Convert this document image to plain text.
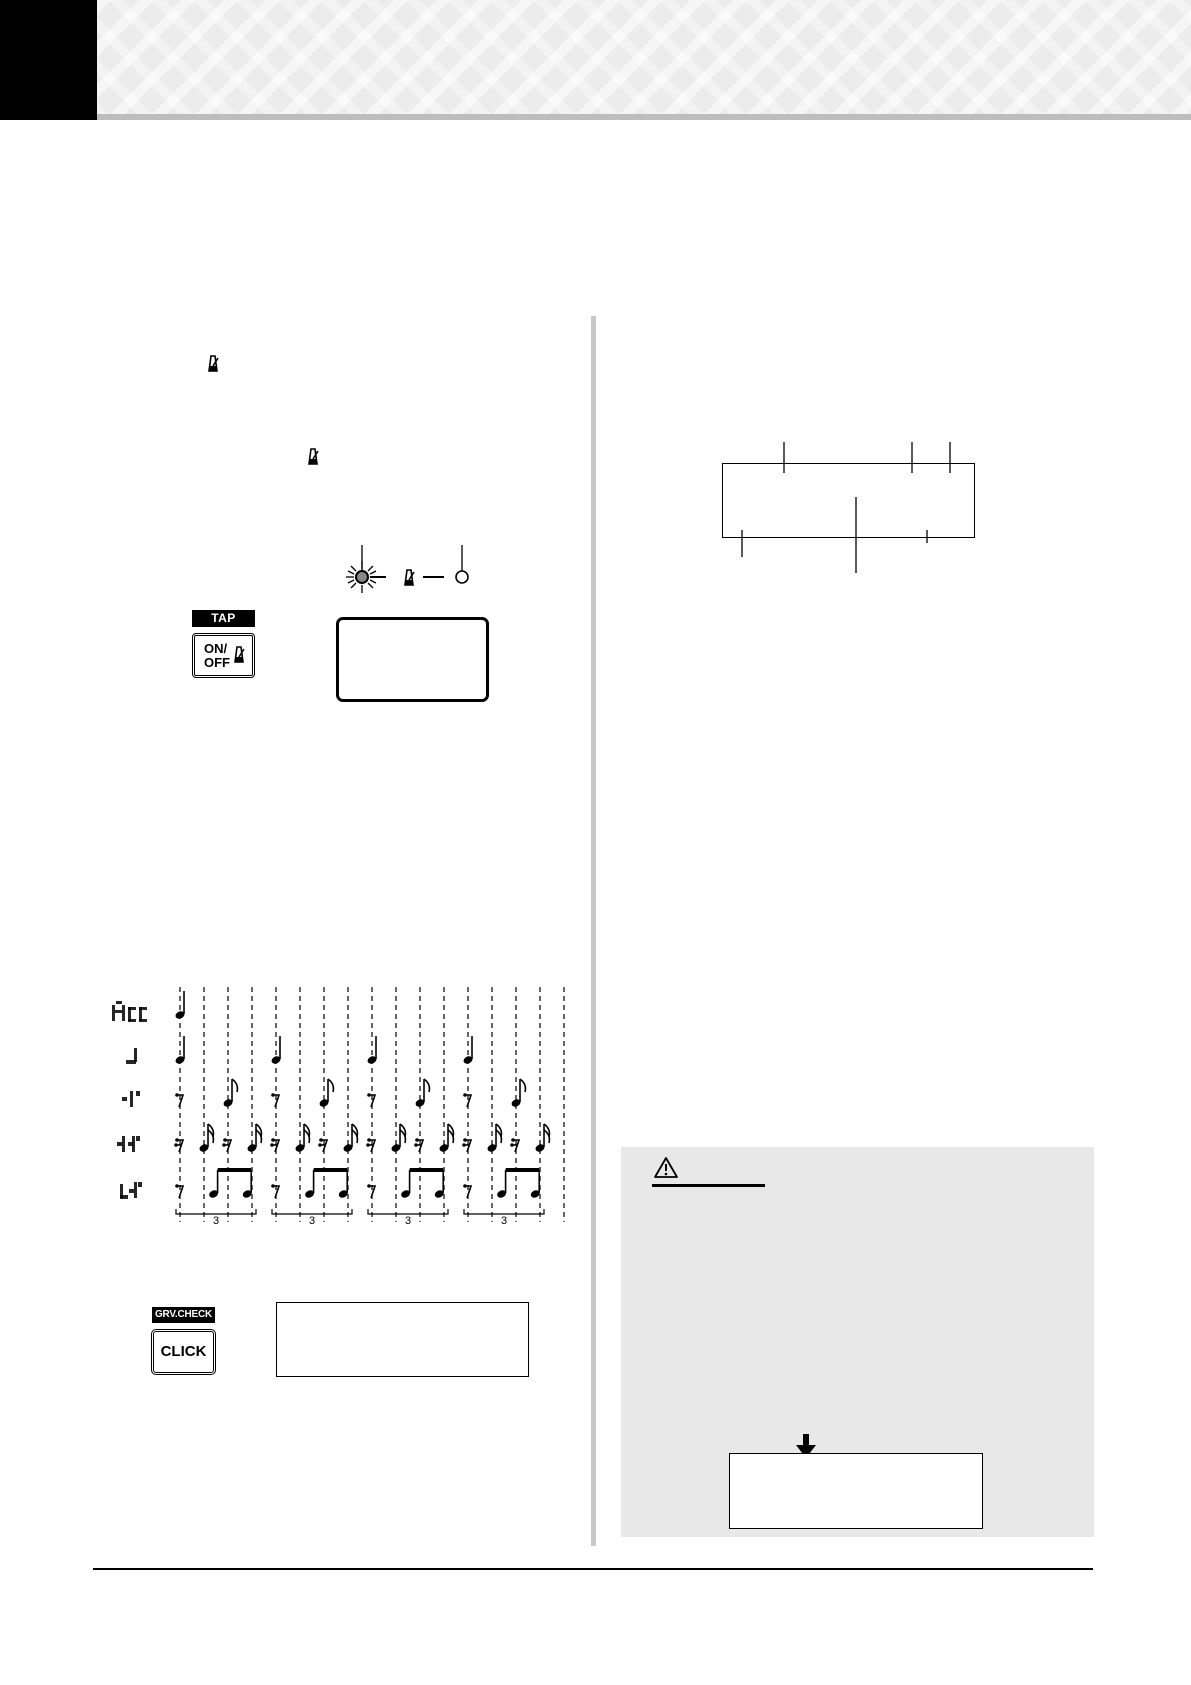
TAP
ON/
OFF
3	3	3	3
GRV.CHECK
CLICK
